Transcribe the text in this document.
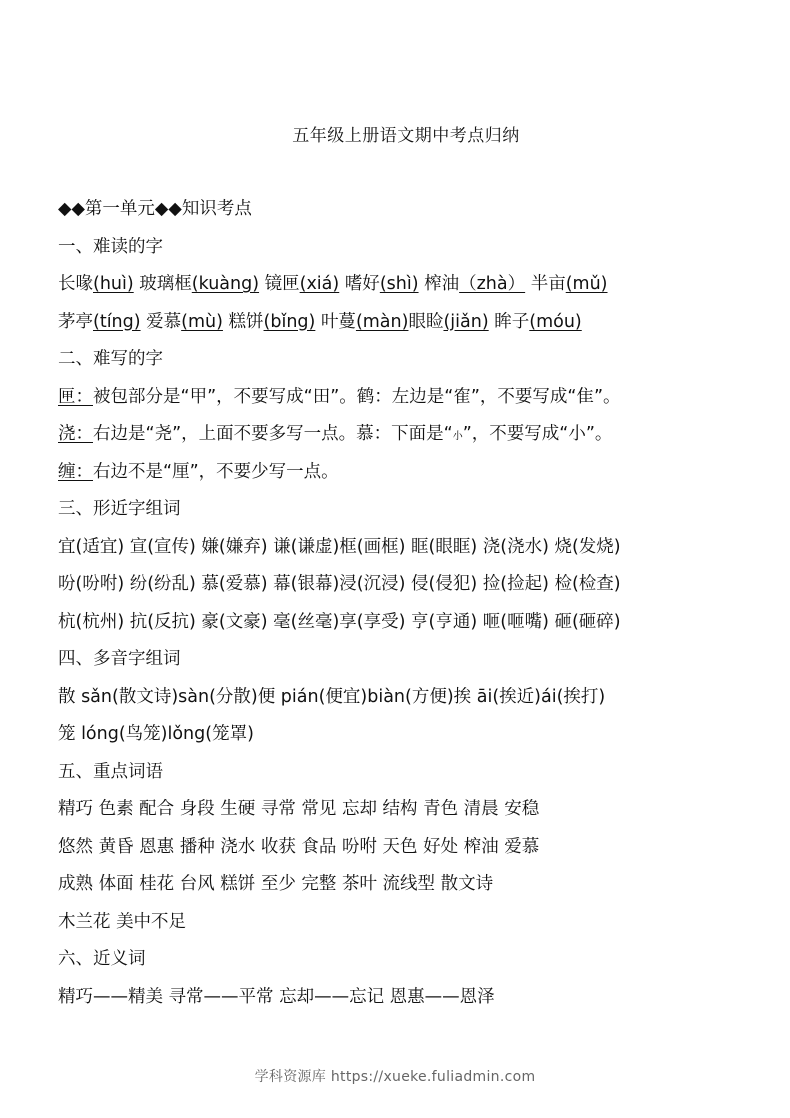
五年级上册语文期中考点归纳
◆◆第一单元◆◆知识考点
一、难读的字
长喙(huì) 玻璃框(kuàng) 镜匣(xiá) 嗜好(shì) 榨油（zhà） 半亩(mǔ)
茅亭(tíng) 爱慕(mù) 糕饼(bǐng) 叶蔓(màn)眼睑(jiǎn) 眸子(móu)
二、难写的字
匣：被包部分是“甲”，不要写成“田”。鹤：左边是“隺”，不要写成“隹”。
浇：右边是“尧”，上面不要多写一点。慕：下面是“小”，不要写成“小”。
缠：右边不是“厘”，不要少写一点。
三、形近字组词
宜(适宜) 宣(宣传) 嫌(嫌弃) 谦(谦虚)框(画框) 眶(眼眶) 浇(浇水) 烧(发烧)
吩(吩咐) 纷(纷乱) 慕(爱慕) 幕(银幕)浸(沉浸) 侵(侵犯) 捡(捡起) 检(检查)
杭(杭州) 抗(反抗) 豪(文豪) 毫(丝毫)享(享受) 亨(亨通) 咂(咂嘴) 砸(砸碎)
四、多音字组词
散 sǎn(散文诗)sàn(分散)便 pián(便宜)biàn(方便)挨 āi(挨近)ái(挨打)
笼 lóng(鸟笼)lǒng(笼罩)
五、重点词语
精巧 色素 配合 身段 生硬 寻常 常见 忘却 结构 青色 清晨 安稳
悠然 黄昏 恩惠 播种 浇水 收获 食品 吩咐 天色 好处 榨油 爱慕
成熟 体面 桂花 台风 糕饼 至少 完整 茶叶 流线型 散文诗
木兰花 美中不足
六、近义词
精巧——精美 寻常——平常 忘却——忘记 恩惠——恩泽
学科资源库 https://xueke.fuliadmin.com
